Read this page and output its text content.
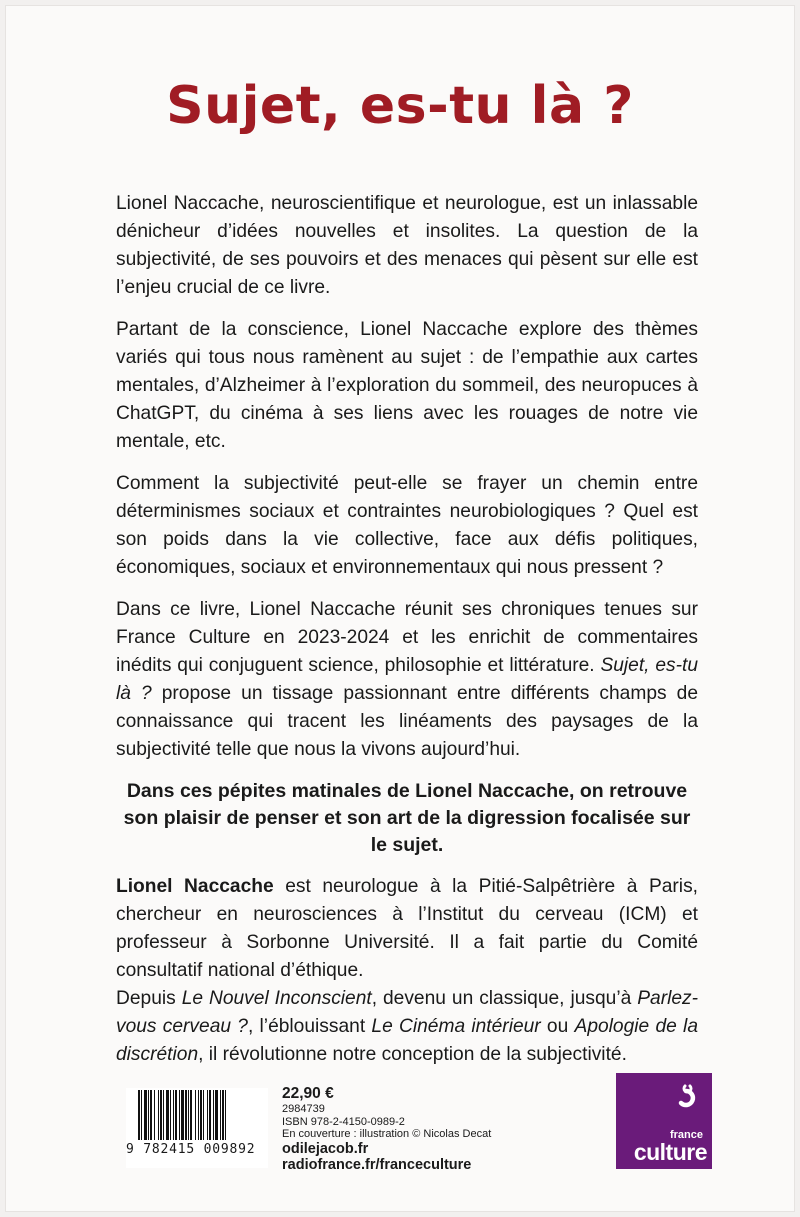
Sujet, es-tu là ?

Lionel Naccache, neuroscientifique et neurologue, est un inlassable dénicheur d’idées nouvelles et insolites. La question de la subjectivité, de ses pouvoirs et des menaces qui pèsent sur elle est l’enjeu crucial de ce livre.

Partant de la conscience, Lionel Naccache explore des thèmes variés qui tous nous ramènent au sujet : de l’empathie aux cartes mentales, d’Alzheimer à l’exploration du sommeil, des neuropuces à ChatGPT, du cinéma à ses liens avec les rouages de notre vie mentale, etc.

Comment la subjectivité peut-elle se frayer un chemin entre déterminismes sociaux et contraintes neurobiologiques ? Quel est son poids dans la vie collective, face aux défis politiques, économiques, sociaux et environnementaux qui nous pressent ?

Dans ce livre, Lionel Naccache réunit ses chroniques tenues sur France Culture en 2023-2024 et les enrichit de commentaires inédits qui conjuguent science, philosophie et littérature. Sujet, es-tu là ? propose un tissage passionnant entre différents champs de connaissance qui tracent les linéaments des paysages de la subjectivité telle que nous la vivons aujourd’hui.

Dans ces pépites matinales de Lionel Naccache, on retrouve son plaisir de penser et son art de la digression focalisée sur le sujet.

Lionel Naccache est neurologue à la Pitié-Salpêtrière à Paris, chercheur en neurosciences à l’Institut du cerveau (ICM) et professeur à Sorbonne Université. Il a fait partie du Comité consultatif national d’éthique.

Depuis Le Nouvel Inconscient, devenu un classique, jusqu’à Parlez-vous cerveau ?, l’éblouissant Le Cinéma intérieur ou Apologie de la discrétion, il révolutionne notre conception de la subjectivité.

9 782415 009892
22,90 €
2984739
ISBN 978-2-4150-0989-2
En couverture : illustration © Nicolas Decat
odilejacob.fr
radiofrance.fr/franceculture
france
culture
